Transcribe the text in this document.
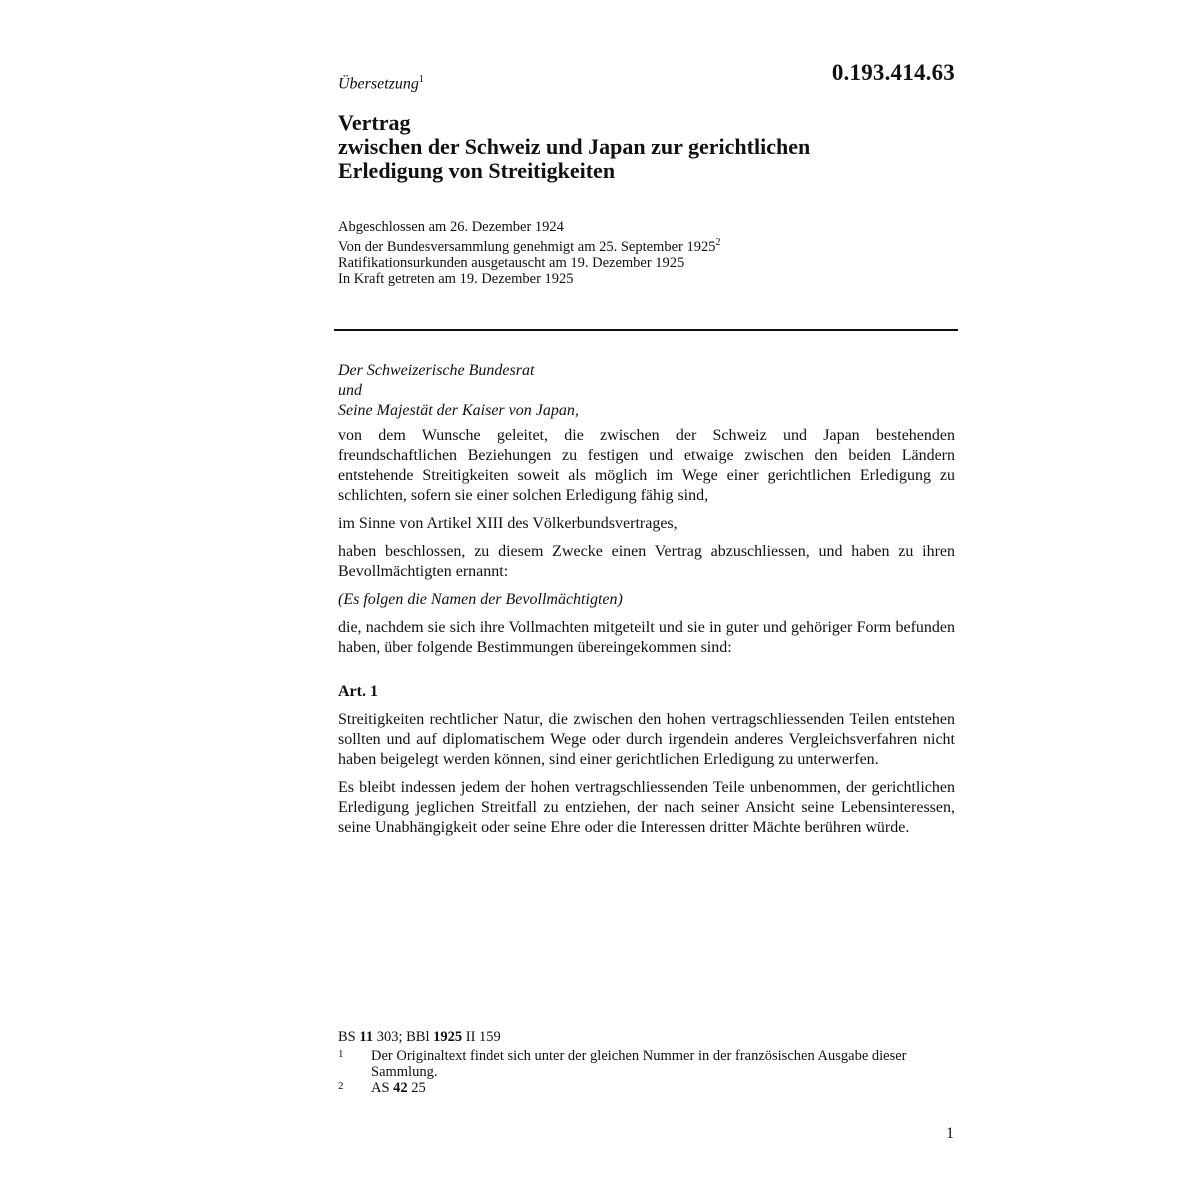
Übersetzung$^1$	0.193.414.63

Vertrag
zwischen der Schweiz und Japan zur gerichtlichen
Erledigung von Streitigkeiten
Abgeschlossen am 26. Dezember 1924
Von der Bundesversammlung genehmigt am 25. September 1925$^2$
Ratifikationsurkunden ausgetauscht am 19. Dezember 1925
In Kraft getreten am 19. Dezember 1925
Der Schweizerische Bundesrat
und
Seine Majestät der Kaiser von Japan,

von dem Wunsche geleitet, die zwischen der Schweiz und Japan bestehenden freundschaftlichen Beziehungen zu festigen und etwaige zwischen den beiden Ländern entstehende Streitigkeiten soweit als möglich im Wege einer gerichtlichen Erledigung zu schlichten, sofern sie einer solchen Erledigung fähig sind,

im Sinne von Artikel XIII des Völkerbundsvertrages,

haben beschlossen, zu diesem Zwecke einen Vertrag abzuschliessen, und haben zu ihren Bevollmächtigten ernannt:

(Es folgen die Namen der Bevollmächtigten)

die, nachdem sie sich ihre Vollmachten mitgeteilt und sie in guter und gehöriger Form befunden haben, über folgende Bestimmungen übereingekommen sind:

Art. 1

Streitigkeiten rechtlicher Natur, die zwischen den hohen vertragschliessenden Teilen entstehen sollten und auf diplomatischem Wege oder durch irgendein anderes Vergleichsverfahren nicht haben beigelegt werden können, sind einer gerichtlichen Erledigung zu unterwerfen.

Es bleibt indessen jedem der hohen vertragschliessenden Teile unbenommen, der gerichtlichen Erledigung jeglichen Streitfall zu entziehen, der nach seiner Ansicht seine Lebensinteressen, seine Unabhängigkeit oder seine Ehre oder die Interessen dritter Mächte berühren würde.

BS 11 303; BBl 1925 II 159
1	Der Originaltext findet sich unter der gleichen Nummer in der französischen Ausgabe dieser Sammlung.
2	AS 42 25

1
